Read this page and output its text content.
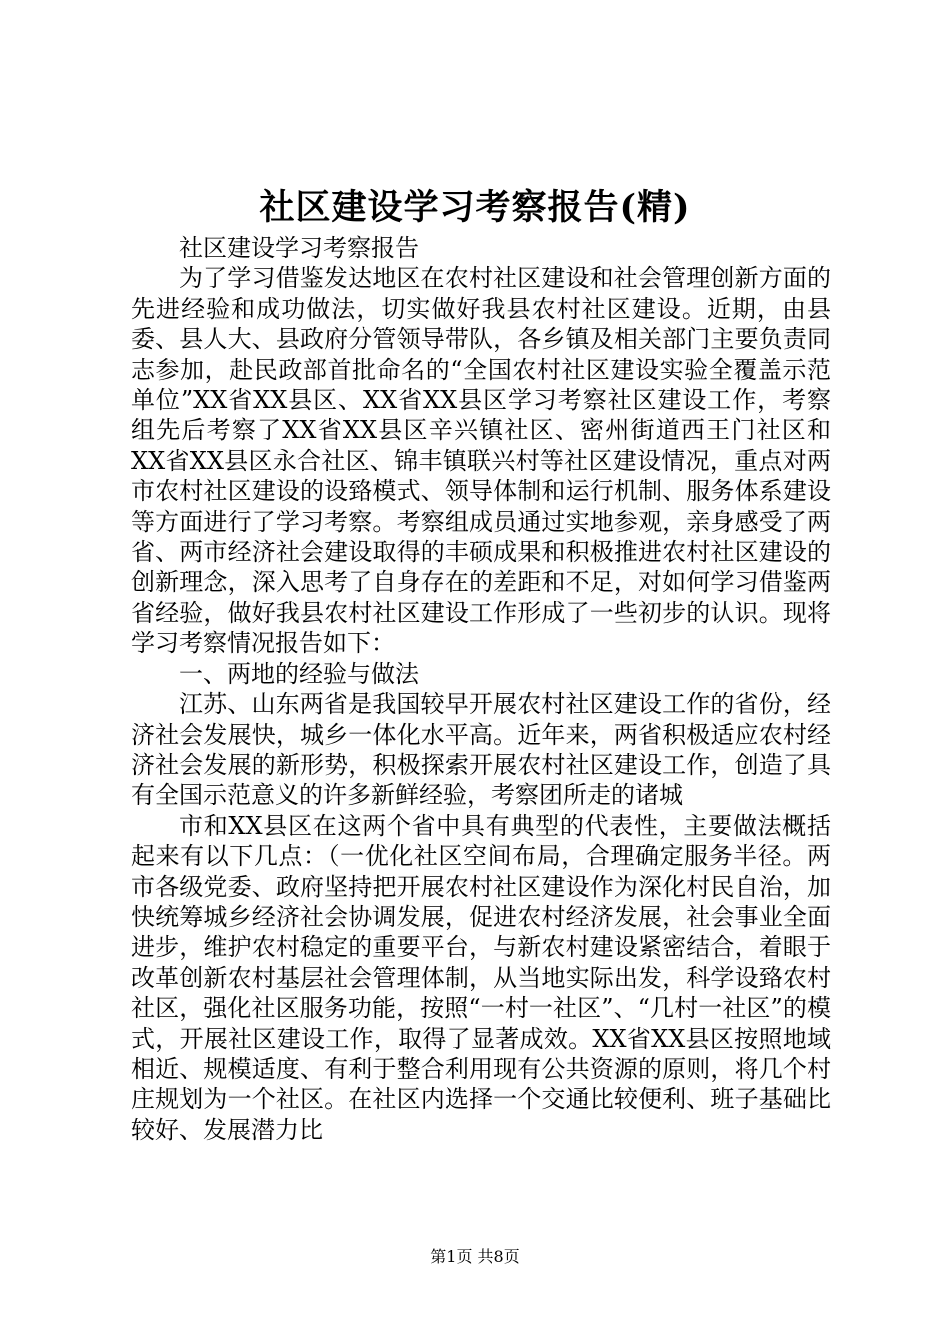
社区建设学习考察报告(精)

社区建设学习考察报告

为了学习借鉴发达地区在农村社区建设和社会管理创新方面的先进经验和成功做法，切实做好我县农村社区建设。近期，由县委、县人大、县政府分管领导带队，各乡镇及相关部门主要负责同志参加，赴民政部首批命名的“全国农村社区建设实验全覆盖示范单位”XX省XX县区、XX省XX县区学习考察社区建设工作，考察组先后考察了XX省XX县区辛兴镇社区、密州街道西王门社区和XX省XX县区永合社区、锦丰镇联兴村等社区建设情况，重点对两市农村社区建设的设臵模式、领导体制和运行机制、服务体系建设等方面进行了学习考察。考察组成员通过实地参观，亲身感受了两省、两市经济社会建设取得的丰硕成果和积极推进农村社区建设的创新理念，深入思考了自身存在的差距和不足，对如何学习借鉴两省经验，做好我县农村社区建设工作形成了一些初步的认识。现将学习考察情况报告如下：

一、两地的经验与做法

江苏、山东两省是我国较早开展农村社区建设工作的省份，经济社会发展快，城乡一体化水平高。近年来，两省积极适应农村经济社会发展的新形势，积极探索开展农村社区建设工作，创造了具有全国示范意义的许多新鲜经验，考察团所走的诸城

市和XX县区在这两个省中具有典型的代表性，主要做法概括起来有以下几点：（一优化社区空间布局，合理确定服务半径。两市各级党委、政府坚持把开展农村社区建设作为深化村民自治，加快统筹城乡经济社会协调发展，促进农村经济发展，社会事业全面进步，维护农村稳定的重要平台，与新农村建设紧密结合，着眼于改革创新农村基层社会管理体制，从当地实际出发，科学设臵农村社区，强化社区服务功能，按照“一村一社区”、“几村一社区”的模式，开展社区建设工作，取得了显著成效。XX省XX县区按照地域相近、规模适度、有利于整合利用现有公共资源的原则，将几个村庄规划为一个社区。在社区内选择一个交通比较便利、班子基础比较好、发展潜力比

第1页 共8页
